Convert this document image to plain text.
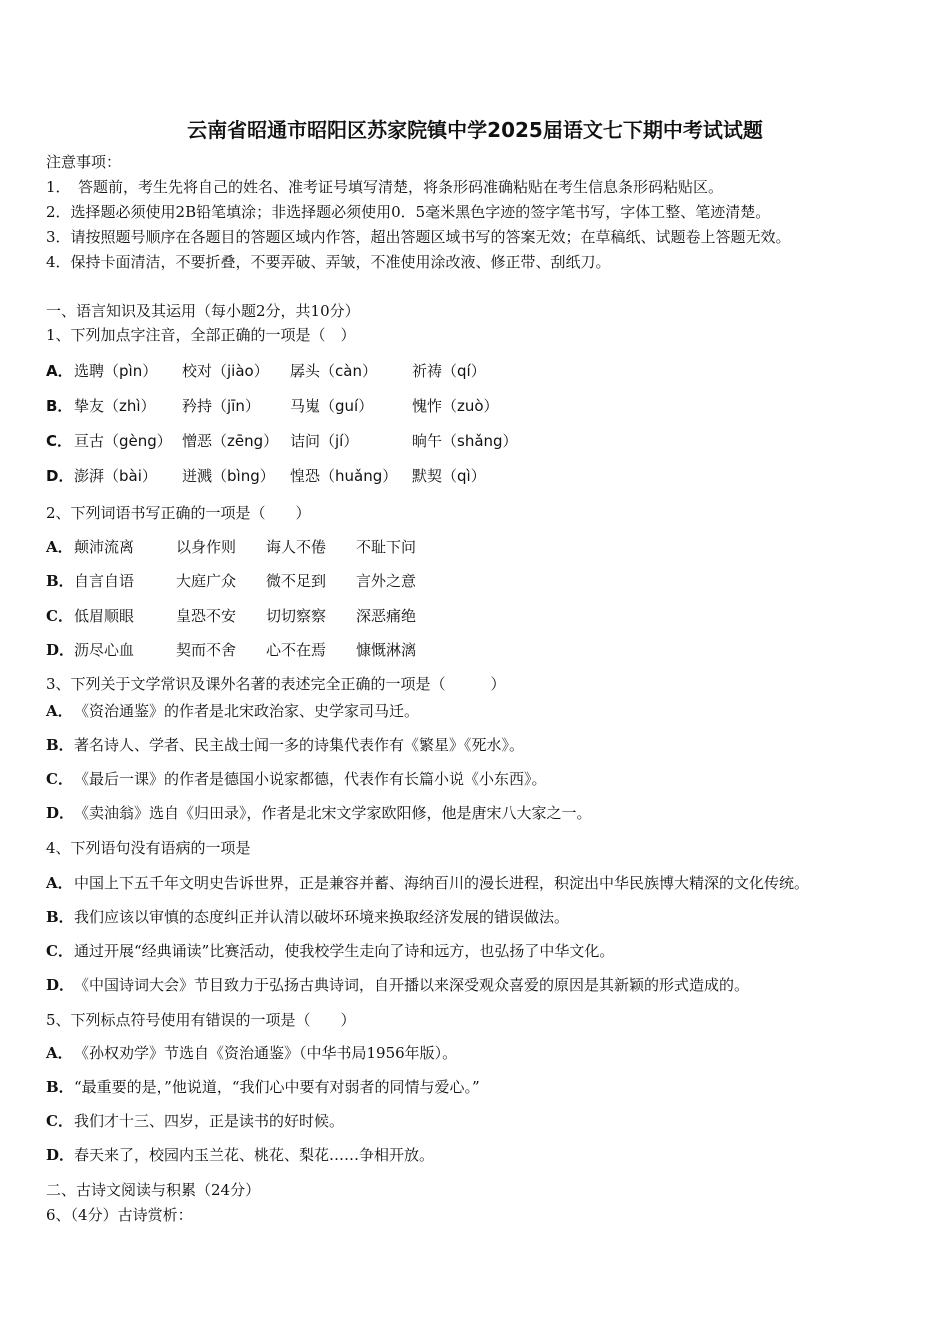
云南省昭通市昭阳区苏家院镇中学2025届语文七下期中考试试题
注意事项：
1．　答题前，考生先将自己的姓名、准考证号填写清楚，将条形码准确粘贴在考生信息条形码粘贴区。
2．选择题必须使用2B铅笔填涂；非选择题必须使用0．5毫米黑色字迹的签字笔书写，字体工整、笔迹清楚。
3．请按照题号顺序在各题目的答题区域内作答，超出答题区域书写的答案无效；在草稿纸、试题卷上答题无效。
4．保持卡面清洁，不要折叠，不要弄破、弄皱，不准使用涂改液、修正带、刮纸刀。
一、语言知识及其运用（每小题2分，共10分）
1、下列加点字注音，全部正确的一项是（　）
A．选聘（pìn） 校对（jiào） 孱头（càn） 祈祷（qí）
B． 挚友（zhì） 矜持（jīn） 马嵬（guí）	愧怍（zuò）
C． 亘古（gèng） 憎恶（zēng） 诘问（jí）	晌午（shǎng）
D．澎湃（bài） 迸溅（bìng） 惶恐（huǎng） 默契（qì）
2、下列词语书写正确的一项是（　　）
A．颠沛流离	以身作则 诲人不倦 不耻下问
B．自言自语	大庭广众 微不足到 言外之意
C．低眉顺眼	皇恐不安 切切察察 深恶痛绝
D．沥尽心血	契而不舍 心不在焉 慷慨淋漓
3、下列关于文学常识及课外名著的表述完全正确的一项是（　　　）
A．《资治通鉴》的作者是北宋政治家、史学家司马迁。
B．著名诗人、学者、民主战士闻一多的诗集代表作有《繁星》《死水》。
C．《最后一课》的作者是德国小说家都德，代表作有长篇小说《小东西》。
D．《卖油翁》选自《归田录》，作者是北宋文学家欧阳修，他是唐宋八大家之一。
4、下列语句没有语病的一项是
A．中国上下五千年文明史告诉世界，正是兼容并蓄、海纳百川的漫长进程，积淀出中华民族博大精深的文化传统。
B．我们应该以审慎的态度纠正并认清以破坏环境来换取经济发展的错误做法。
C．通过开展“经典诵读”比赛活动，使我校学生走向了诗和远方，也弘扬了中华文化。
D．《中国诗词大会》节目致力于弘扬古典诗词，自开播以来深受观众喜爱的原因是其新颖的形式造成的。
5、下列标点符号使用有错误的一项是（　　）
A．《孙权劝学》节选自《资治通鉴》（中华书局1956年版）。
B．“最重要的是，”他说道，“我们心中要有对弱者的同情与爱心。”
C．我们才十三、四岁，正是读书的好时候。
D．春天来了，校园内玉兰花、桃花、梨花……争相开放。
二、古诗文阅读与积累（24分）
6、（4分）古诗赏析：
